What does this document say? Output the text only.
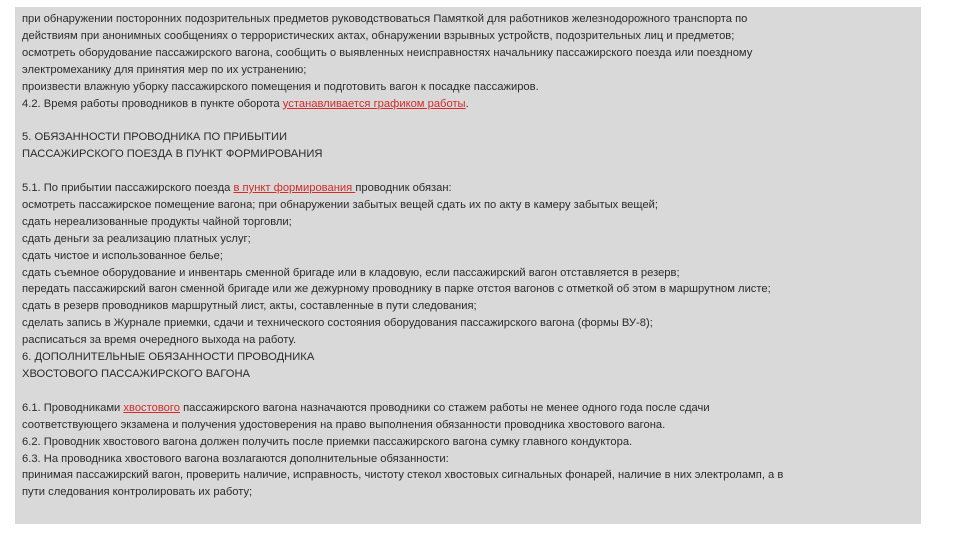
при обнаружении посторонних подозрительных предметов руководствоваться Памяткой для работников железнодорожного транспорта по
действиям при анонимных сообщениях о террористических актах, обнаружении взрывных устройств, подозрительных лиц и предметов;
осмотреть оборудование пассажирского вагона, сообщить о выявленных неисправностях начальнику пассажирского поезда или поездному
электромеханику для принятия мер по их устранению;
произвести влажную уборку пассажирского помещения и подготовить вагон к посадке пассажиров.
4.2. Время работы проводников в пункте оборота устанавливается графиком работы.
5. ОБЯЗАННОСТИ ПРОВОДНИКА ПО ПРИБЫТИИ
ПАССАЖИРСКОГО ПОЕЗДА В ПУНКТ ФОРМИРОВАНИЯ
5.1. По прибытии пассажирского поезда в пункт формирования проводник обязан:
осмотреть пассажирское помещение вагона; при обнаружении забытых вещей сдать их по акту в камеру забытых вещей;
сдать нереализованные продукты чайной торговли;
сдать деньги за реализацию платных услуг;
сдать чистое и использованное белье;
сдать съемное оборудование и инвентарь сменной бригаде или в кладовую, если пассажирский вагон отставляется в резерв;
передать пассажирский вагон сменной бригаде или же дежурному проводнику в парке отстоя вагонов с отметкой об этом в маршрутном листе;
сдать в резерв проводников маршрутный лист, акты, составленные в пути следования;
сделать запись в Журнале приемки, сдачи и технического состояния оборудования пассажирского вагона (формы ВУ-8);
расписаться за время очередного выхода на работу.
6. ДОПОЛНИТЕЛЬНЫЕ ОБЯЗАННОСТИ ПРОВОДНИКА
ХВОСТОВОГО ПАССАЖИРСКОГО ВАГОНА
6.1. Проводниками хвостового пассажирского вагона назначаются проводники со стажем работы не менее одного года после сдачи
соответствующего экзамена и получения удостоверения на право выполнения обязанности проводника хвостового вагона.
6.2. Проводник хвостового вагона должен получить после приемки пассажирского вагона сумку главного кондуктора.
6.3. На проводника хвостового вагона возлагаются дополнительные обязанности:
принимая пассажирский вагон, проверить наличие, исправность, чистоту стекол хвостовых сигнальных фонарей, наличие в них электроламп, а в
пути следования контролировать их работу;
